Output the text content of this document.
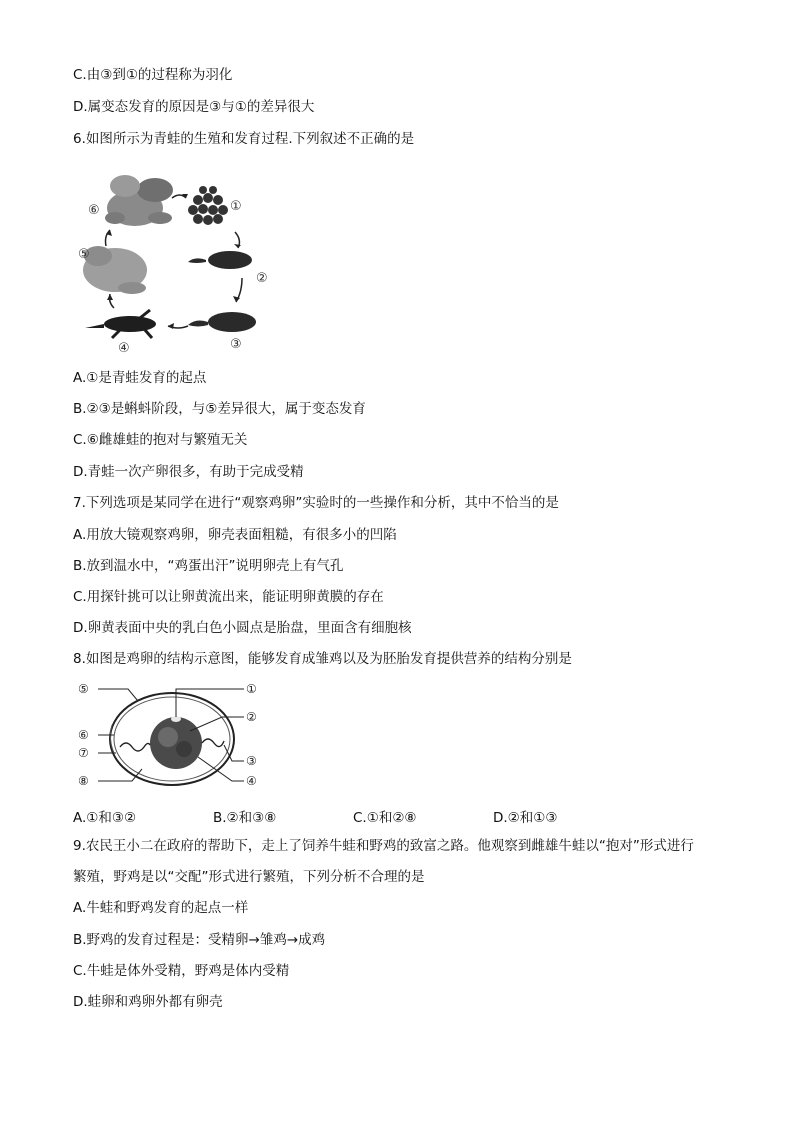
C.由③到①的过程称为羽化
D.属变态发育的原因是③与①的差异很大
6.如图所示为青蛙的生殖和发育过程.下列叙述不正确的是
①
②
③
④
⑤
⑥
A.①是青蛙发育的起点
B.②③是蝌蚪阶段，与⑤差异很大，属于变态发育
C.⑥雌雄蛙的抱对与繁殖无关
D.青蛙一次产卵很多，有助于完成受精
7.下列选项是某同学在进行“观察鸡卵”实验时的一些操作和分析，其中不恰当的是
A.用放大镜观察鸡卵，卵壳表面粗糙，有很多小的凹陷
B.放到温水中，“鸡蛋出汗”说明卵壳上有气孔
C.用探针挑可以让卵黄流出来，能证明卵黄膜的存在
D.卵黄表面中央的乳白色小圆点是胎盘，里面含有细胞核
8.如图是鸡卵的结构示意图，能够发育成雏鸡以及为胚胎发育提供营养的结构分别是
①
②
③
④
⑤
⑥
⑦
⑧
A.①和③②	B.②和③⑧	C.①和②⑧	D.②和①③
9.农民王小二在政府的帮助下，走上了饲养牛蛙和野鸡的致富之路。他观察到雌雄牛蛙以“抱对”形式进行
繁殖，野鸡是以“交配”形式进行繁殖，下列分析不合理的是
A.牛蛙和野鸡发育的起点一样
B.野鸡的发育过程是：受精卵→雏鸡→成鸡
C.牛蛙是体外受精，野鸡是体内受精
D.蛙卵和鸡卵外都有卵壳
